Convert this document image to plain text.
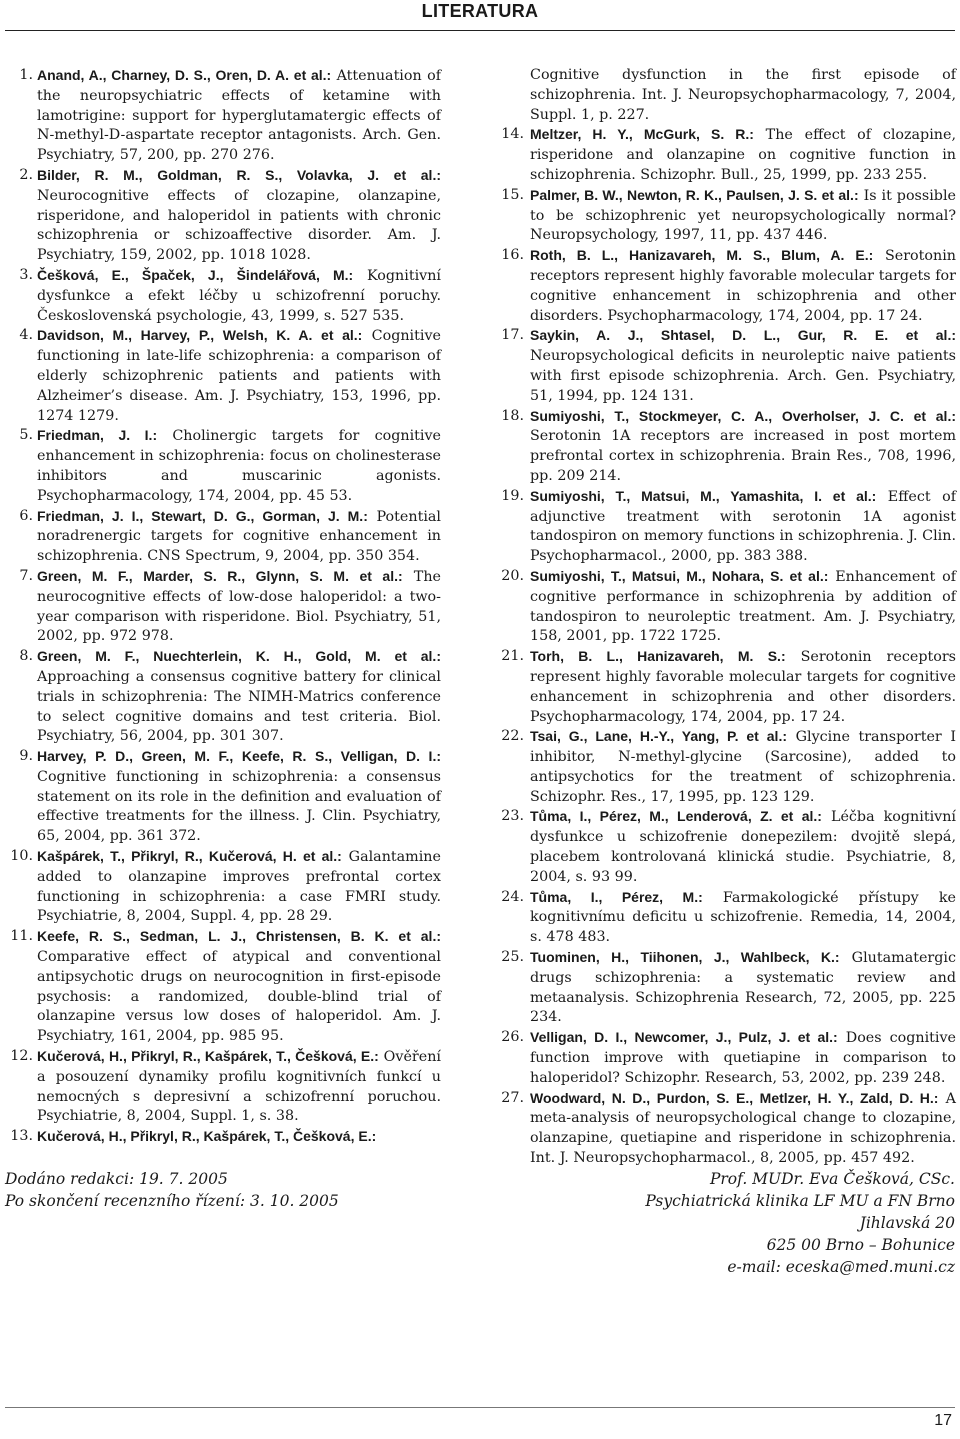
LITERATURA
1. Anand, A., Charney, D. S., Oren, D. A. et al.: Attenuation of the neuropsychiatric effects of ketamine with lamotrigine: support for hyperglutamatergic effects of N-methyl-D-aspartate receptor antagonists. Arch. Gen. Psychiatry, 57, 200, pp. 270 276.
2. Bilder, R. M., Goldman, R. S., Volavka, J. et al.: Neurocognitive effects of clozapine, olanzapine, risperidone, and haloperidol in patients with chronic schizophrenia or schizoaffective disorder. Am. J. Psychiatry, 159, 2002, pp. 1018 1028.
3. Češková, E., Špaček, J., Šindelářová, M.: Kognitivní dysfunkce a efekt léčby u schizofrenní poruchy. Československá psychologie, 43, 1999, s. 527 535.
4. Davidson, M., Harvey, P., Welsh, K. A. et al.: Cognitive functioning in late-life schizophrenia: a comparison of elderly schizophrenic patients and patients with Alzheimer’s disease. Am. J. Psychiatry, 153, 1996, pp. 1274 1279.
5. Friedman, J. I.: Cholinergic targets for cognitive enhancement in schizophrenia: focus on cholinesterase inhibitors and muscarinic agonists. Psychopharmacology, 174, 2004, pp. 45 53.
6. Friedman, J. I., Stewart, D. G., Gorman, J. M.: Potential noradrenergic targets for cognitive enhancement in schizophrenia. CNS Spectrum, 9, 2004, pp. 350 354.
7. Green, M. F., Marder, S. R., Glynn, S. M. et al.: The neurocognitive effects of low-dose haloperidol: a two-year comparison with risperidone. Biol. Psychiatry, 51, 2002, pp. 972 978.
8. Green, M. F., Nuechterlein, K. H., Gold, M. et al.: Approaching a consensus cognitive battery for clinical trials in schizophrenia: The NIMH-Matrics conference to select cognitive domains and test criteria. Biol. Psychiatry, 56, 2004, pp. 301 307.
9. Harvey, P. D., Green, M. F., Keefe, R. S., Velligan, D. I.: Cognitive functioning in schizophrenia: a consensus statement on its role in the definition and evaluation of effective treatments for the illness. J. Clin. Psychiatry, 65, 2004, pp. 361 372.
10. Kašpárek, T., Přikryl, R., Kučerová, H. et al.: Galantamine added to olanzapine improves prefrontal cortex functioning in schizophrenia: a case FMRI study. Psychiatrie, 8, 2004, Suppl. 4, pp. 28 29.
11. Keefe, R. S., Sedman, L. J., Christensen, B. K. et al.: Comparative effect of atypical and conventional antipsychotic drugs on neurocognition in first-episode psychosis: a randomized, double-blind trial of olanzapine versus low doses of haloperidol. Am. J. Psychiatry, 161, 2004, pp. 985 95.
12. Kučerová, H., Přikryl, R., Kašpárek, T., Češková, E.: Ověření a posouzení dynamiky profilu kognitivních funkcí u nemocných s depresivní a schizofrenní poruchou. Psychiatrie, 8, 2004, Suppl. 1, s. 38.
13. Kučerová, H., Přikryl, R., Kašpárek, T., Češková, E.:
Cognitive dysfunction in the first episode of schizophrenia. Int. J. Neuropsychopharmacology, 7, 2004, Suppl. 1, p. 227.
14. Meltzer, H. Y., McGurk, S. R.: The effect of clozapine, risperidone and olanzapine on cognitive function in schizophrenia. Schizophr. Bull., 25, 1999, pp. 233 255.
15. Palmer, B. W., Newton, R. K., Paulsen, J. S. et al.: Is it possible to be schizophrenic yet neuropsychologically normal? Neuropsychology, 1997, 11, pp. 437 446.
16. Roth, B. L., Hanizavareh, M. S., Blum, A. E.: Serotonin receptors represent highly favorable molecular targets for cognitive enhancement in schizophrenia and other disorders. Psychopharmacology, 174, 2004, pp. 17 24.
17. Saykin, A. J., Shtasel, D. L., Gur, R. E. et al.: Neuropsychological deficits in neuroleptic naive patients with first episode schizophrenia. Arch. Gen. Psychiatry, 51, 1994, pp. 124 131.
18. Sumiyoshi, T., Stockmeyer, C. A., Overholser, J. C. et al.: Serotonin 1A receptors are increased in post mortem prefrontal cortex in schizophrenia. Brain Res., 708, 1996, pp. 209 214.
19. Sumiyoshi, T., Matsui, M., Yamashita, I. et al.: Effect of adjunctive treatment with serotonin 1A agonist tandospiron on memory functions in schizophrenia. J. Clin. Psychopharmacol., 2000, pp. 383 388.
20. Sumiyoshi, T., Matsui, M., Nohara, S. et al.: Enhancement of cognitive performance in schizophrenia by addition of tandospiron to neuroleptic treatment. Am. J. Psychiatry, 158, 2001, pp. 1722 1725.
21. Torh, B. L., Hanizavareh, M. S.: Serotonin receptors represent highly favorable molecular targets for cognitive enhancement in schizophrenia and other disorders. Psychopharmacology, 174, 2004, pp. 17 24.
22. Tsai, G., Lane, H.-Y., Yang, P. et al.: Glycine transporter I inhibitor, N-methyl-glycine (Sarcosine), added to antipsychotics for the treatment of schizophrenia. Schizophr. Res., 17, 1995, pp. 123 129.
23. Tůma, I., Pérez, M., Lenderová, Z. et al.: Léčba kognitivní dysfunkce u schizofrenie donepezilem: dvojitě slepá, placebem kontrolovaná klinická studie. Psychiatrie, 8, 2004, s. 93 99.
24. Tůma, I., Pérez, M.: Farmakologické přístupy ke kognitivnímu deficitu u schizofrenie. Remedia, 14, 2004, s. 478 483.
25. Tuominen, H., Tiihonen, J., Wahlbeck, K.: Glutamatergic drugs schizophrenia: a systematic review and metaanalysis. Schizophrenia Research, 72, 2005, pp. 225 234.
26. Velligan, D. I., Newcomer, J., Pulz, J. et al.: Does cognitive function improve with quetiapine in comparison to haloperidol? Schizophr. Research, 53, 2002, pp. 239 248.
27. Woodward, N. D., Purdon, S. E., Metlzer, H. Y., Zald, D. H.: A meta-analysis of neuropsychological change to clozapine, olanzapine, quetiapine and risperidone in schizophrenia. Int. J. Neuropsychopharmacol., 8, 2005, pp. 457 492.
Dodáno redakci: 19. 7. 2005
Po skončení recenzního řízení: 3. 10. 2005
Prof. MUDr. Eva Češková, CSc.
Psychiatrická klinika LF MU a FN Brno
Jihlavská 20
625 00 Brno – Bohunice
e-mail: eceska@med.muni.cz
17
